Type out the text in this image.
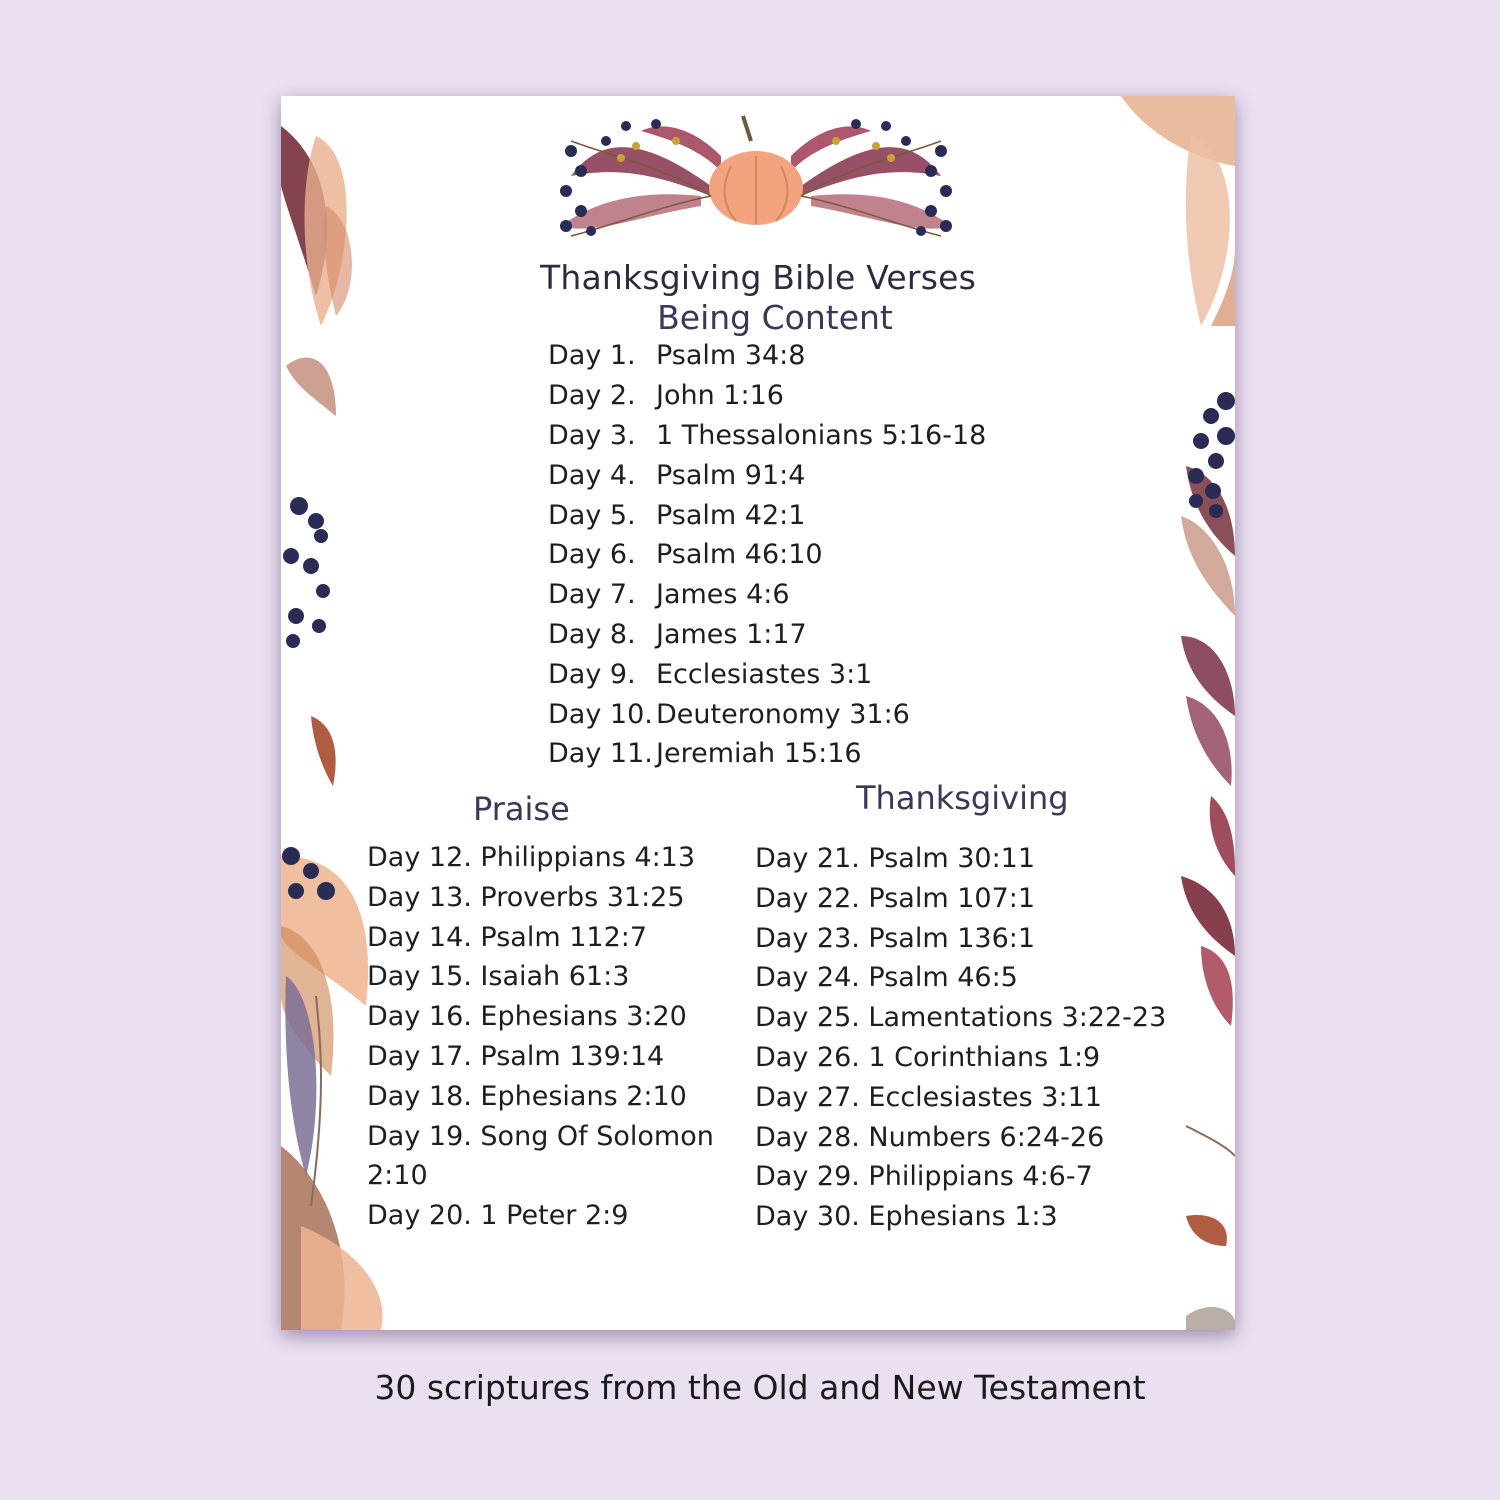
Thanksgiving Bible Verses
Being Content
Day 1. Psalm 34:8
Day 2. John 1:16
Day 3. 1 Thessalonians 5:16-18
Day 4. Psalm 91:4
Day 5. Psalm 42:1
Day 6. Psalm 46:10
Day 7. James 4:6
Day 8. James 1:17
Day 9. Ecclesiastes 3:1
Day 10. Deuteronomy 31:6
Day 11. Jeremiah 15:16
Praise	Thanksgiving
Day 12. Philippians 4:13
Day 13. Proverbs 31:25
Day 14. Psalm 112:7
Day 15. Isaiah 61:3
Day 16. Ephesians 3:20
Day 17. Psalm 139:14
Day 18. Ephesians 2:10
Day 19. Song Of Solomon 2:10
Day 20. 1 Peter 2:9
Day 21. Psalm 30:11
Day 22. Psalm 107:1
Day 23. Psalm 136:1
Day 24. Psalm 46:5
Day 25. Lamentations 3:22-23
Day 26. 1 Corinthians 1:9
Day 27. Ecclesiastes 3:11
Day 28. Numbers 6:24-26
Day 29. Philippians 4:6-7
Day 30. Ephesians 1:3
30 scriptures from the Old and New Testament
